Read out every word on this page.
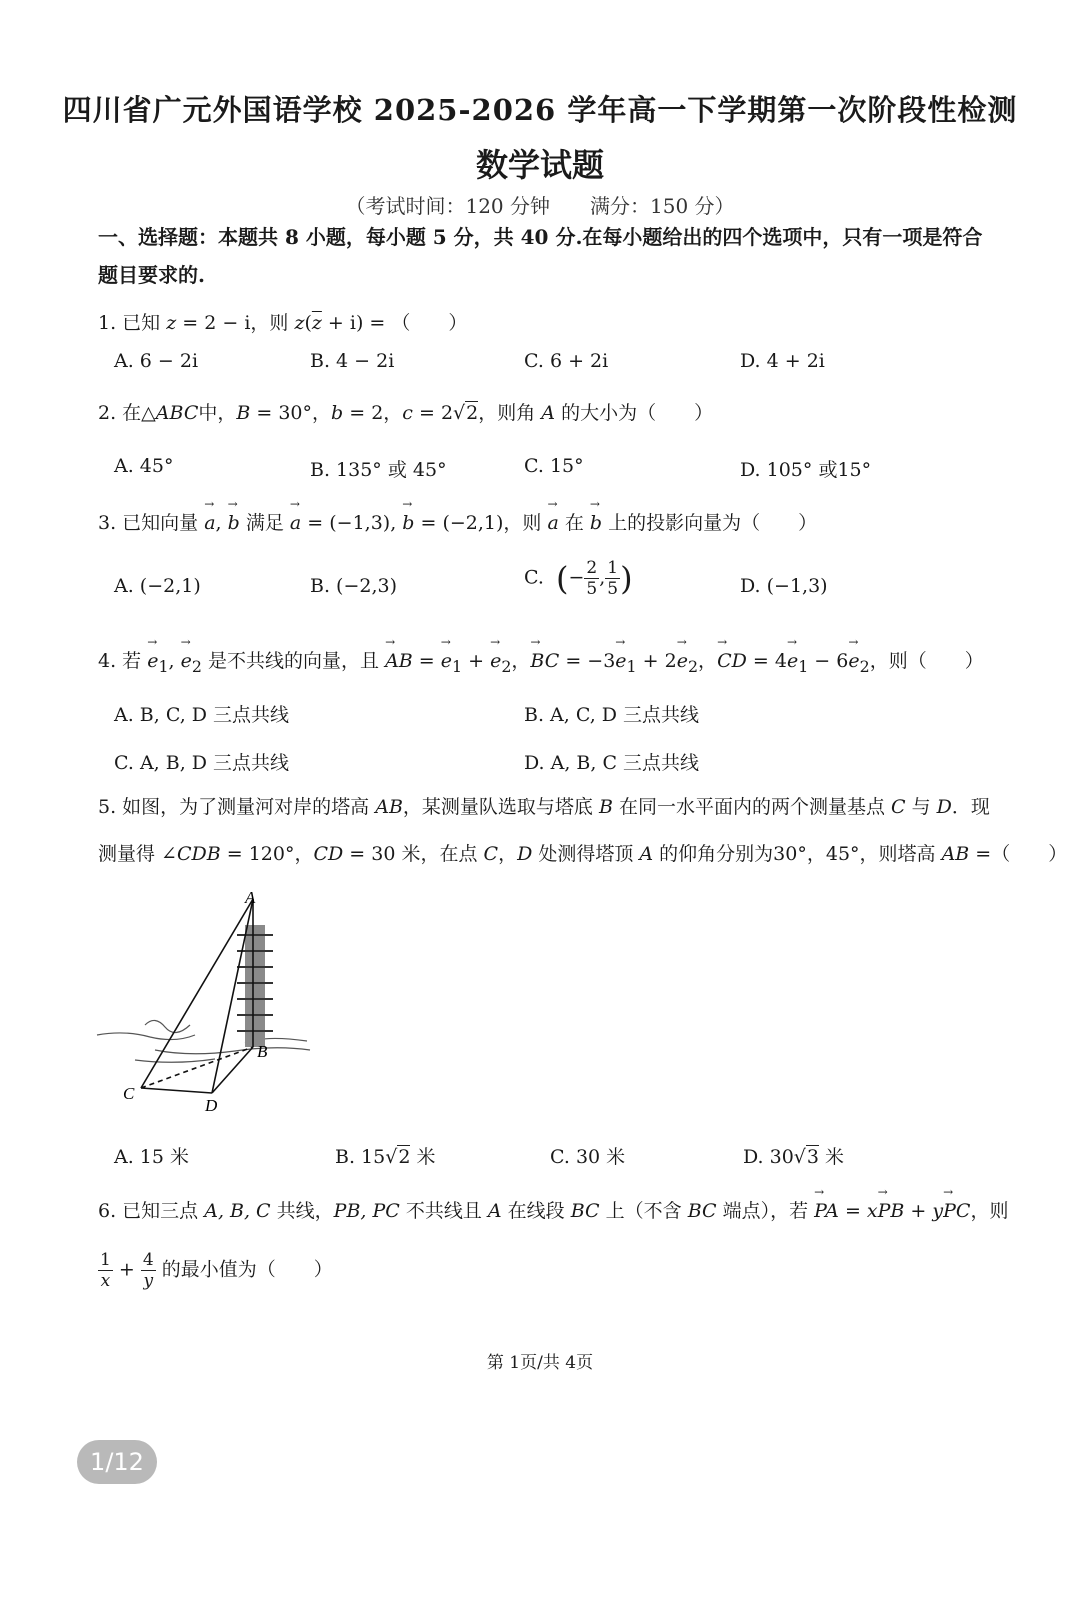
四川省广元外国语学校 2025-2026 学年高一下学期第一次阶段性检测
数学试题
（考试时间：120 分钟　　满分：150 分）
一、选择题：本题共 8 小题，每小题 5 分，共 40 分.在每小题给出的四个选项中，只有一项是符合题目要求的.
1. 已知 z = 2 − i，则 $z(\overline{z} + i)$ = （　　）
A. 6 − 2i	B. 4 − 2i	C. 6 + 2i	D. 4 + 2i
2. 在△ABC中，B = 30°，b = 2，c = 2√2，则角 A 的大小为（　　）
A. 45°	B. 135° 或 45°	C. 15°	D. 105° 或15°
3. 已知向量 → a, → b 满足 → a = (−1,3), → b = (−2,1)，则 → a 在 → b 上的投影向量为（　　）
A. (−2,1)	B. (−2,3)	C.  (− $\frac{2}{5}$ , $\frac{1}{5}$ )	D. (−1,3)
4. 若 → $e_1$, → $e_2$ 是不共线的向量，且 → AB = → $e_1$ + → $e_2$，→ BC = $-3\to e_1 + 2\to e_2$，→ CD = $4\to e_1 - 6\to e_2$，则（　　）
A. B, C, D 三点共线	B. A, C, D 三点共线
C. A, B, D 三点共线	D. A, B, C 三点共线
5. 如图，为了测量河对岸的塔高 AB，某测量队选取与塔底 B 在同一水平面内的两个测量基点 C 与 D．现
测量得 ∠CDB = 120°，CD = 30 米，在点 C，D 处测得塔顶 A 的仰角分别为30°，45°，则塔高 AB =（　　）
A
B
C
D
A. 15 米	B. 15√2 米	C. 30 米	D. 30√3 米
6. 已知三点 A, B, C 共线，PB, PC 不共线且 A 在线段 BC 上（不含 BC 端点），若 → PA = x→ PB + y→ PC，则
$\frac{1}{x} + \frac{4}{y}$ 的最小值为（　　）
第 1页/共 4页
1/12
